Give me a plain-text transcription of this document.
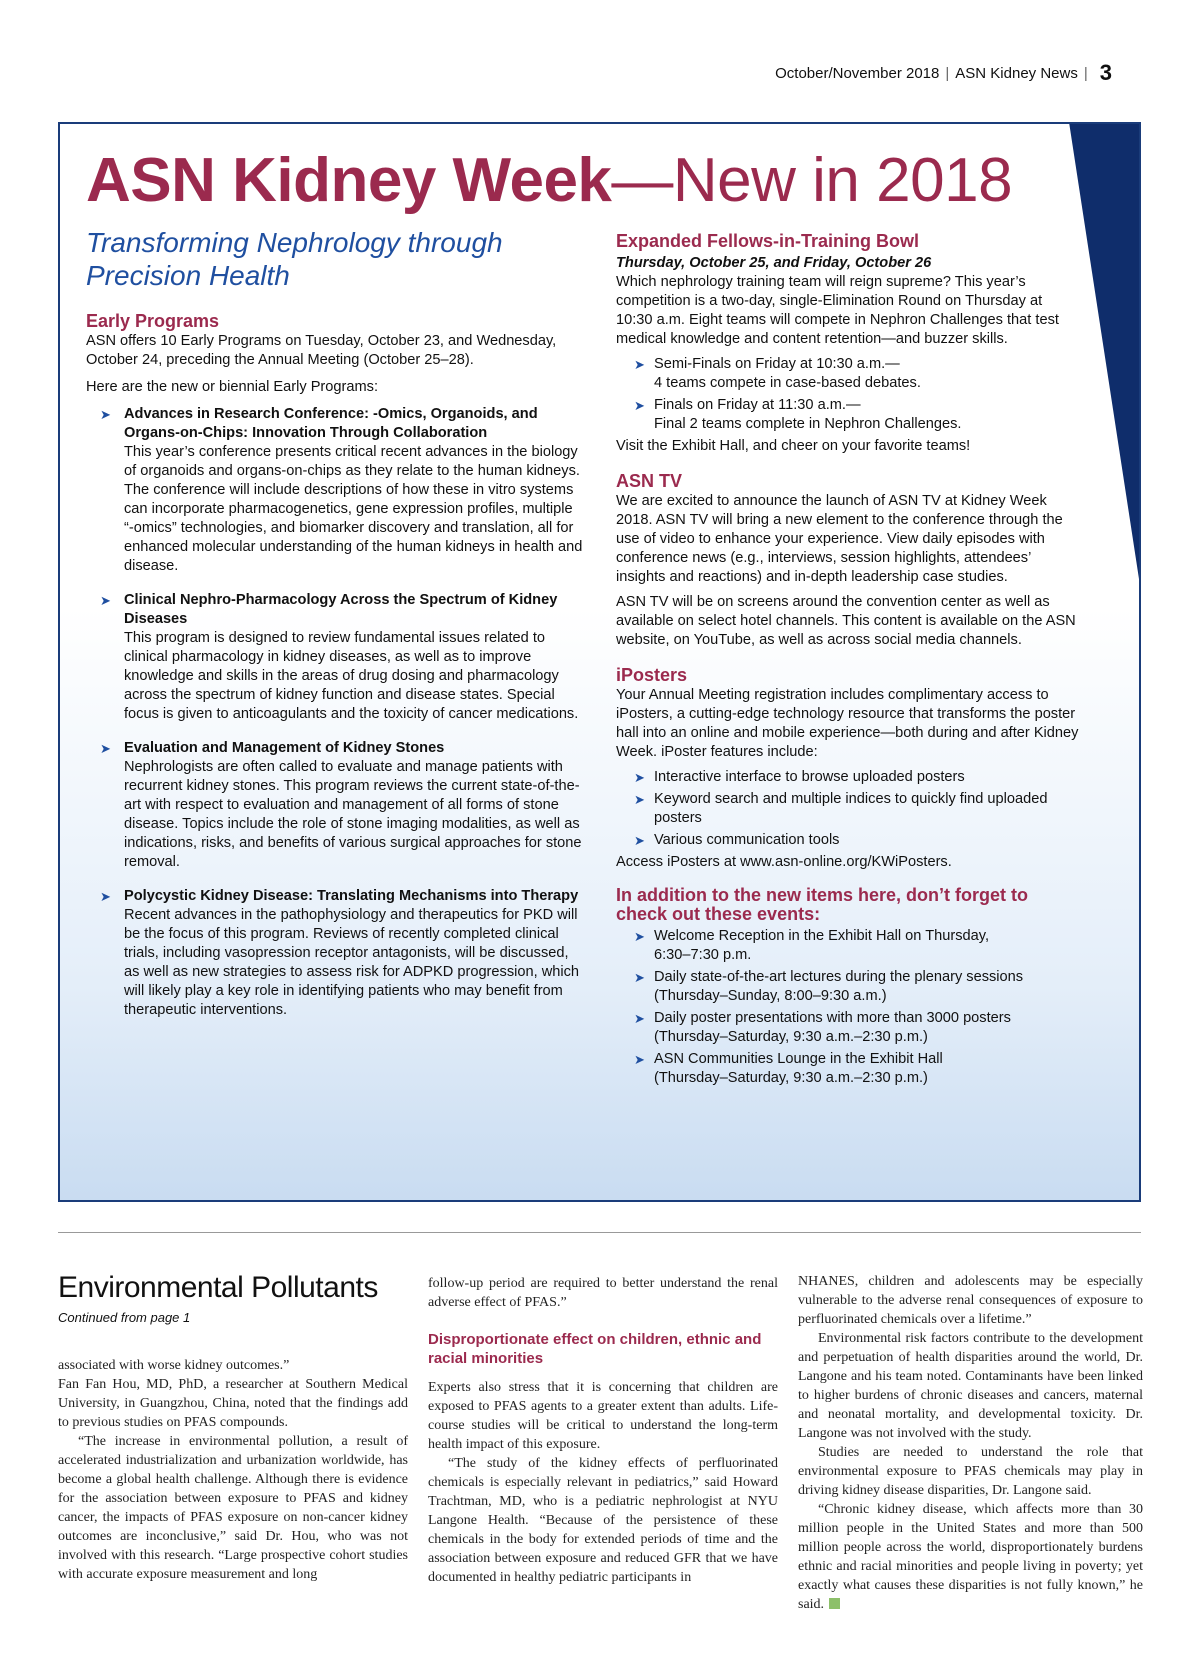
October/November 2018 | ASN Kidney News | 3
ASN Kidney Week—New in 2018
Transforming Nephrology through
Precision Health
Early Programs

ASN offers 10 Early Programs on Tuesday, October 23, and Wednesday, October 24, preceding the Annual Meeting (October 25–28).

Here are the new or biennial Early Programs:

➤ Advances in Research Conference: -Omics, Organoids, and Organs-on-Chips: Innovation Through Collaboration
This year’s conference presents critical recent advances in the biology of organoids and organs-on-chips as they relate to the human kidneys. The conference will include descriptions of how these in vitro systems can incorporate pharmacogenetics, gene expression profiles, multiple “-omics” technologies, and biomarker discovery and translation, all for enhanced molecular understanding of the human kidneys in health and disease.
➤ Clinical Nephro-Pharmacology Across the Spectrum of Kidney Diseases
This program is designed to review fundamental issues related to clinical pharmacology in kidney diseases, as well as to improve knowledge and skills in the areas of drug dosing and pharmacology across the spectrum of kidney function and disease states. Special focus is given to anticoagulants and the toxicity of cancer medications.
➤ Evaluation and Management of Kidney Stones
Nephrologists are often called to evaluate and manage patients with recurrent kidney stones. This program reviews the current state-of-the-art with respect to evaluation and management of all forms of stone disease. Topics include the role of stone imaging modalities, as well as indications, risks, and benefits of various surgical approaches for stone removal.
➤ Polycystic Kidney Disease: Translating Mechanisms into Therapy
Recent advances in the pathophysiology and therapeutics for PKD will be the focus of this program. Reviews of recently completed clinical trials, including vasopression receptor antagonists, will be discussed, as well as new strategies to assess risk for ADPKD progression, which will likely play a key role in identifying patients who may benefit from therapeutic interventions.
Expanded Fellows-in-Training Bowl
Thursday, October 25, and Friday, October 26

Which nephrology training team will reign supreme? This year’s competition is a two-day, single-Elimination Round on Thursday at 10:30 a.m. Eight teams will compete in Nephron Challenges that test medical knowledge and content retention—and buzzer skills.

➤ Semi-Finals on Friday at 10:30 a.m.—
4 teams compete in case-based debates.
➤ Finals on Friday at 11:30 a.m.—
Final 2 teams complete in Nephron Challenges.

Visit the Exhibit Hall, and cheer on your favorite teams!

ASN TV

We are excited to announce the launch of ASN TV at Kidney Week 2018. ASN TV will bring a new element to the conference through the use of video to enhance your experience. View daily episodes with conference news (e.g., interviews, session highlights, attendees’ insights and reactions) and in-depth leadership case studies.

ASN TV will be on screens around the convention center as well as available on select hotel channels. This content is available on the ASN website, on YouTube, as well as across social media channels.

iPosters

Your Annual Meeting registration includes complimentary access to iPosters, a cutting-edge technology resource that transforms the poster hall into an online and mobile experience—both during and after Kidney Week. iPoster features include:

➤ Interactive interface to browse uploaded posters
➤ Keyword search and multiple indices to quickly find uploaded posters
➤ Various communication tools

Access iPosters at www.asn-online.org/KWiPosters.

In addition to the new items here, don’t forget to check out these events:
➤ Welcome Reception in the Exhibit Hall on Thursday,
6:30–7:30 p.m.
➤ Daily state-of-the-art lectures during the plenary sessions
(Thursday–Sunday, 8:00–9:30 a.m.)
➤ Daily poster presentations with more than 3000 posters
(Thursday–Saturday, 9:30 a.m.–2:30 p.m.)
➤ ASN Communities Lounge in the Exhibit Hall
(Thursday–Saturday, 9:30 a.m.–2:30 p.m.)
Environmental Pollutants
Continued from page 1

associated with worse kidney outcomes.”

Fan Fan Hou, MD, PhD, a researcher at Southern Medical University, in Guangzhou, China, noted that the findings add to previous studies on PFAS compounds.

“The increase in environmental pollution, a result of accelerated industrialization and urbanization worldwide, has become a global health challenge. Although there is evidence for the association between exposure to PFAS and kidney cancer, the impacts of PFAS exposure on non-cancer kidney outcomes are inconclusive,” said Dr. Hou, who was not involved with this research. “Large prospective cohort studies with accurate exposure measurement and long

follow-up period are required to better understand the renal adverse effect of PFAS.”

Disproportionate effect on children, ethnic and racial minorities

Experts also stress that it is concerning that children are exposed to PFAS agents to a greater extent than adults. Life-course studies will be critical to understand the long-term health impact of this exposure.

“The study of the kidney effects of perfluorinated chemicals is especially relevant in pediatrics,” said Howard Trachtman, MD, who is a pediatric nephrologist at NYU Langone Health. “Because of the persistence of these chemicals in the body for extended periods of time and the association between exposure and reduced GFR that we have documented in healthy pediatric participants in

NHANES, children and adolescents may be especially vulnerable to the adverse renal consequences of exposure to perfluorinated chemicals over a lifetime.”

Environmental risk factors contribute to the development and perpetuation of health disparities around the world, Dr. Langone and his team noted. Contaminants have been linked to higher burdens of chronic diseases and cancers, maternal and neonatal mortality, and developmental toxicity. Dr. Langone was not involved with the study.

Studies are needed to understand the role that environmental exposure to PFAS chemicals may play in driving kidney disease disparities, Dr. Langone said.

“Chronic kidney disease, which affects more than 30 million people in the United States and more than 500 million people across the world, disproportionately burdens ethnic and racial minorities and people living in poverty; yet exactly what causes these disparities is not fully known,” he said.
